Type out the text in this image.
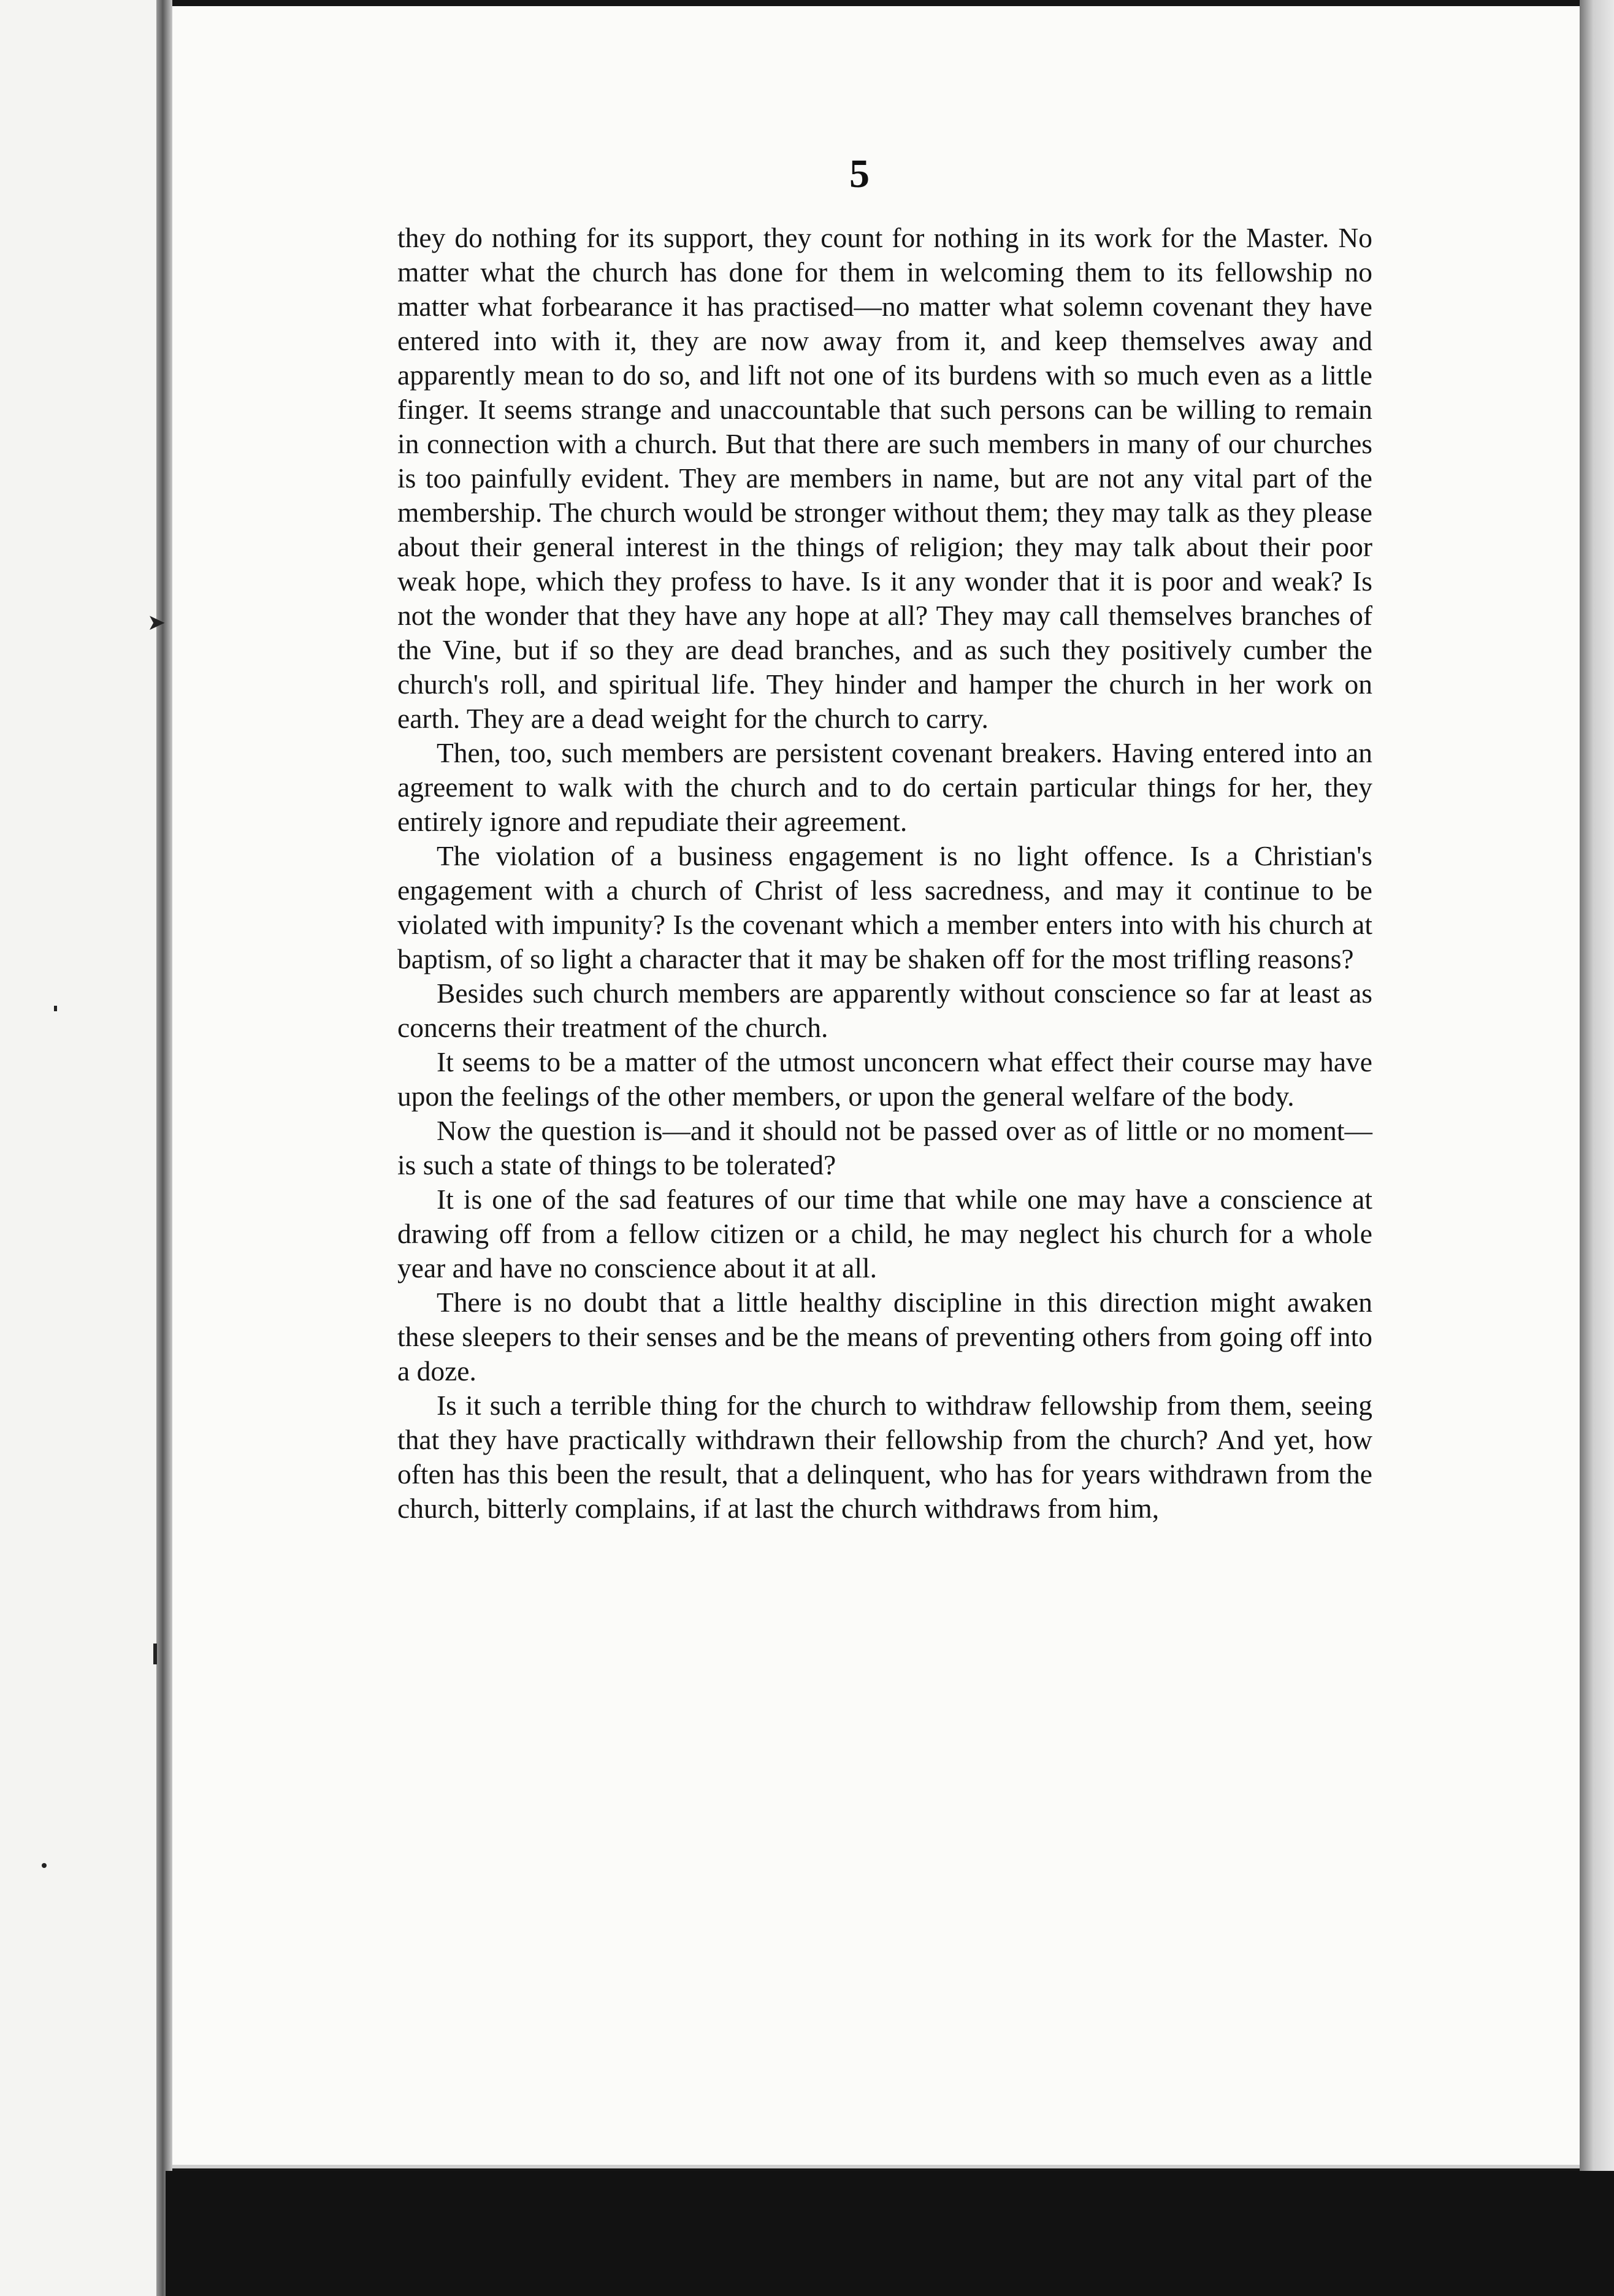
➤
5

they do nothing for its support, they count for nothing in its work for the Master. No matter what the church has done for them in welcoming them to its fellowship no matter what forbearance it has practised—no matter what solemn covenant they have entered into with it, they are now away from it, and keep themselves away and apparently mean to do so, and lift not one of its burdens with so much even as a little finger. It seems strange and unaccountable that such persons can be willing to remain in connection with a church. But that there are such members in many of our churches is too painfully evident. They are members in name, but are not any vital part of the membership. The church would be stronger without them; they may talk as they please about their general interest in the things of religion; they may talk about their poor weak hope, which they profess to have. Is it any wonder that it is poor and weak? Is not the wonder that they have any hope at all? They may call themselves branches of the Vine, but if so they are dead branches, and as such they positively cumber the church's roll, and spiritual life. They hinder and hamper the church in her work on earth. They are a dead weight for the church to carry.

Then, too, such members are persistent covenant breakers. Having entered into an agreement to walk with the church and to do certain particular things for her, they entirely ignore and repudiate their agreement.

The violation of a business engagement is no light offence. Is a Christian's engagement with a church of Christ of less sacredness, and may it continue to be violated with impunity? Is the covenant which a member enters into with his church at baptism, of so light a character that it may be shaken off for the most trifling reasons?

Besides such church members are apparently without conscience so far at least as concerns their treatment of the church.

It seems to be a matter of the utmost unconcern what effect their course may have upon the feelings of the other members, or upon the general welfare of the body.

Now the question is—and it should not be passed over as of little or no moment—is such a state of things to be tolerated?

It is one of the sad features of our time that while one may have a conscience at drawing off from a fellow citizen or a child, he may neglect his church for a whole year and have no conscience about it at all.

There is no doubt that a little healthy discipline in this direction might awaken these sleepers to their senses and be the means of preventing others from going off into a doze.

Is it such a terrible thing for the church to withdraw fellowship from them, seeing that they have practically withdrawn their fellowship from the church? And yet, how often has this been the result, that a delinquent, who has for years withdrawn from the church, bitterly complains, if at last the church withdraws from him,
